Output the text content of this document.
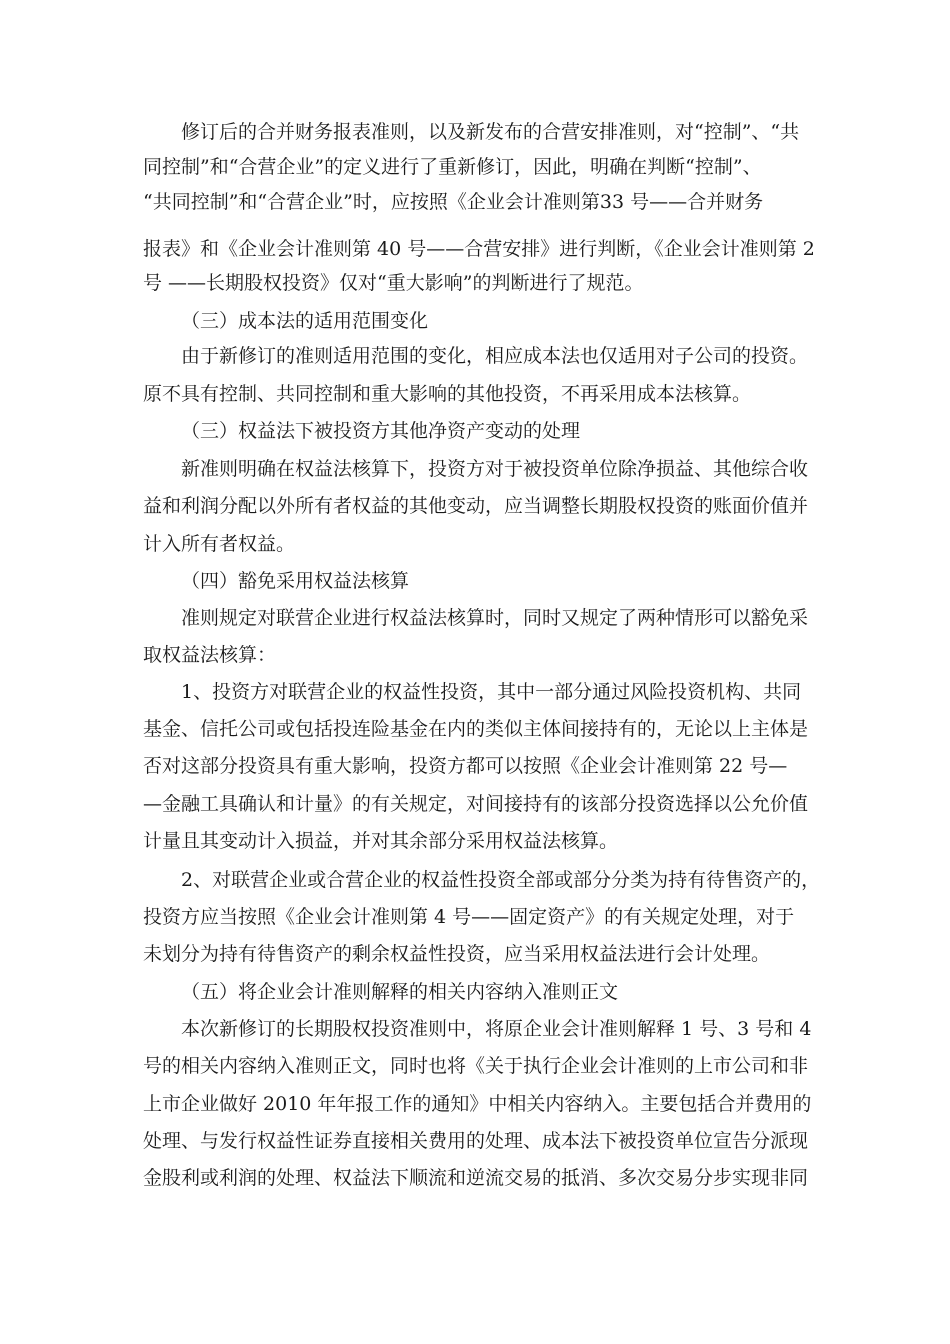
修订后的合并财务报表准则，以及新发布的合营安排准则，对“控制”、“共
同控制”和“合营企业”的定义进行了重新修订，因此，明确在判断“控制”、
“共同控制”和“合营企业”时，应按照《企业会计准则第33 号——合并财务
报表》和《企业会计准则第 40 号——合营安排》进行判断，《企业会计准则第 2
号 ——长期股权投资》仅对“重大影响”的判断进行了规范。
（三）成本法的适用范围变化
由于新修订的准则适用范围的变化，相应成本法也仅适用对子公司的投资。
原不具有控制、共同控制和重大影响的其他投资，不再采用成本法核算。
（三）权益法下被投资方其他净资产变动的处理
新准则明确在权益法核算下，投资方对于被投资单位除净损益、其他综合收
益和利润分配以外所有者权益的其他变动，应当调整长期股权投资的账面价值并
计入所有者权益。
（四）豁免采用权益法核算
准则规定对联营企业进行权益法核算时，同时又规定了两种情形可以豁免采
取权益法核算：
1、投资方对联营企业的权益性投资，其中一部分通过风险投资机构、共同
基金、信托公司或包括投连险基金在内的类似主体间接持有的，无论以上主体是
否对这部分投资具有重大影响，投资方都可以按照《企业会计准则第 22 号—
—金融工具确认和计量》的有关规定，对间接持有的该部分投资选择以公允价值
计量且其变动计入损益，并对其余部分采用权益法核算。
2、对联营企业或合营企业的权益性投资全部或部分分类为持有待售资产的，
投资方应当按照《企业会计准则第 4 号——固定资产》的有关规定处理，对于
未划分为持有待售资产的剩余权益性投资，应当采用权益法进行会计处理。
（五）将企业会计准则解释的相关内容纳入准则正文
本次新修订的长期股权投资准则中，将原企业会计准则解释 1 号、3 号和 4
号的相关内容纳入准则正文，同时也将《关于执行企业会计准则的上市公司和非
上市企业做好 2010 年年报工作的通知》中相关内容纳入。主要包括合并费用的
处理、与发行权益性证券直接相关费用的处理、成本法下被投资单位宣告分派现
金股利或利润的处理、权益法下顺流和逆流交易的抵消、多次交易分步实现非同
